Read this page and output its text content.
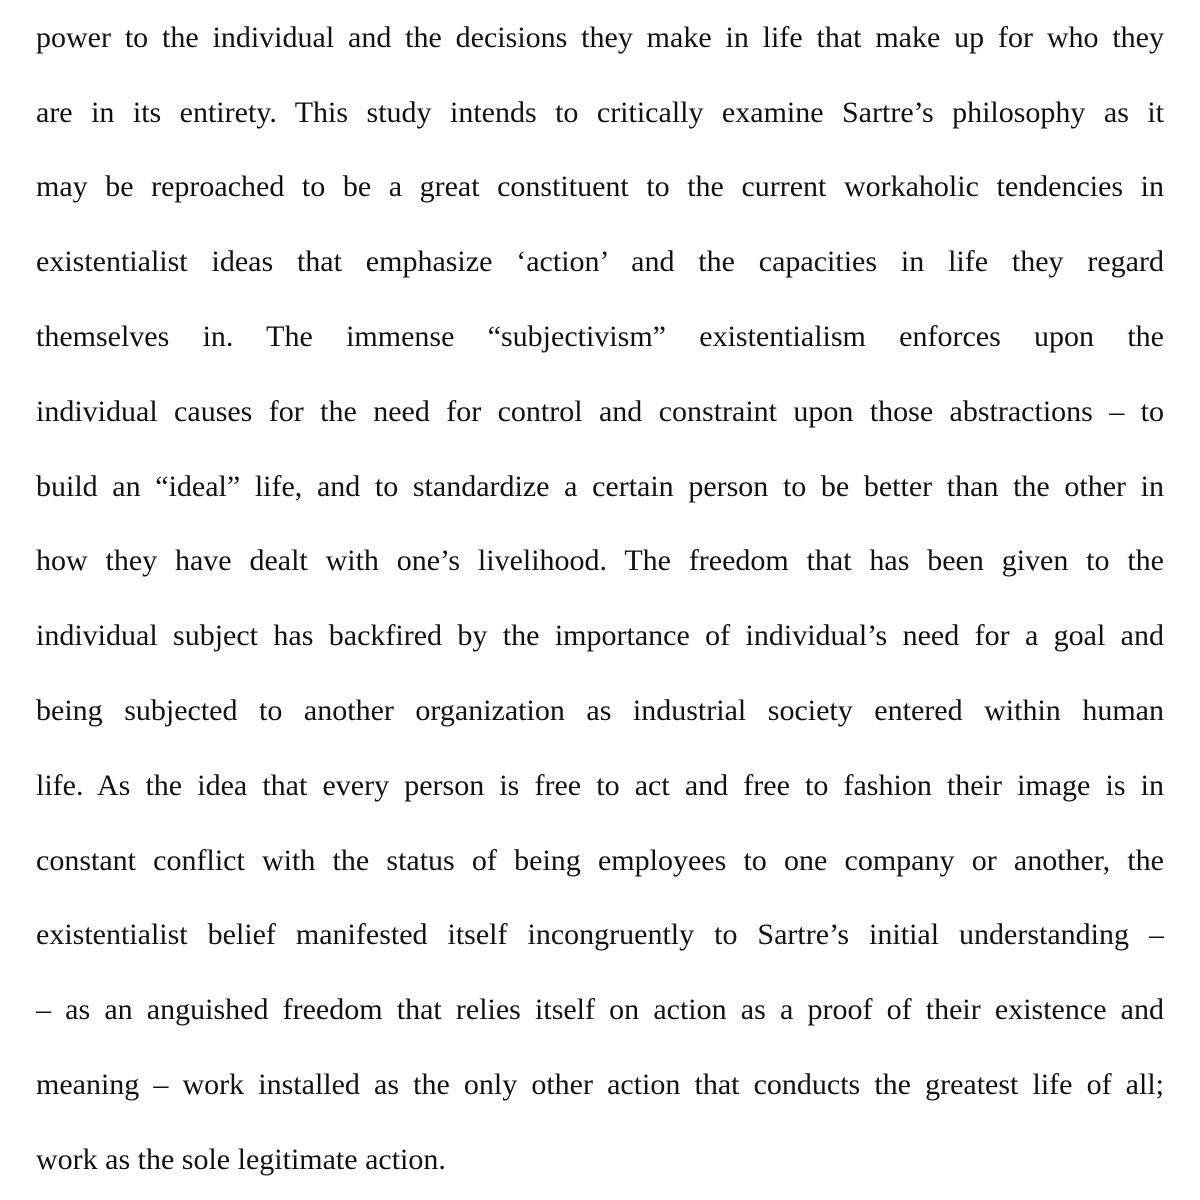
power to the individual and the decisions they make in life that make up for who they
are in its entirety. This study intends to critically examine Sartre’s philosophy as it
may be reproached to be a great constituent to the current workaholic tendencies in
existentialist ideas that emphasize ‘action’ and the capacities in life they regard
themselves in. The immense “subjectivism” existentialism enforces upon the
individual causes for the need for control and constraint upon those abstractions – to
build an “ideal” life, and to standardize a certain person to be better than the other in
how they have dealt with one’s livelihood. The freedom that has been given to the
individual subject has backfired by the importance of individual’s need for a goal and
being subjected to another organization as industrial society entered within human
life. As the idea that every person is free to act and free to fashion their image is in
constant conflict with the status of being employees to one company or another, the
existentialist belief manifested itself incongruently to Sartre’s initial understanding –
– as an anguished freedom that relies itself on action as a proof of their existence and
meaning – work installed as the only other action that conducts the greatest life of all;
work as the sole legitimate action.
